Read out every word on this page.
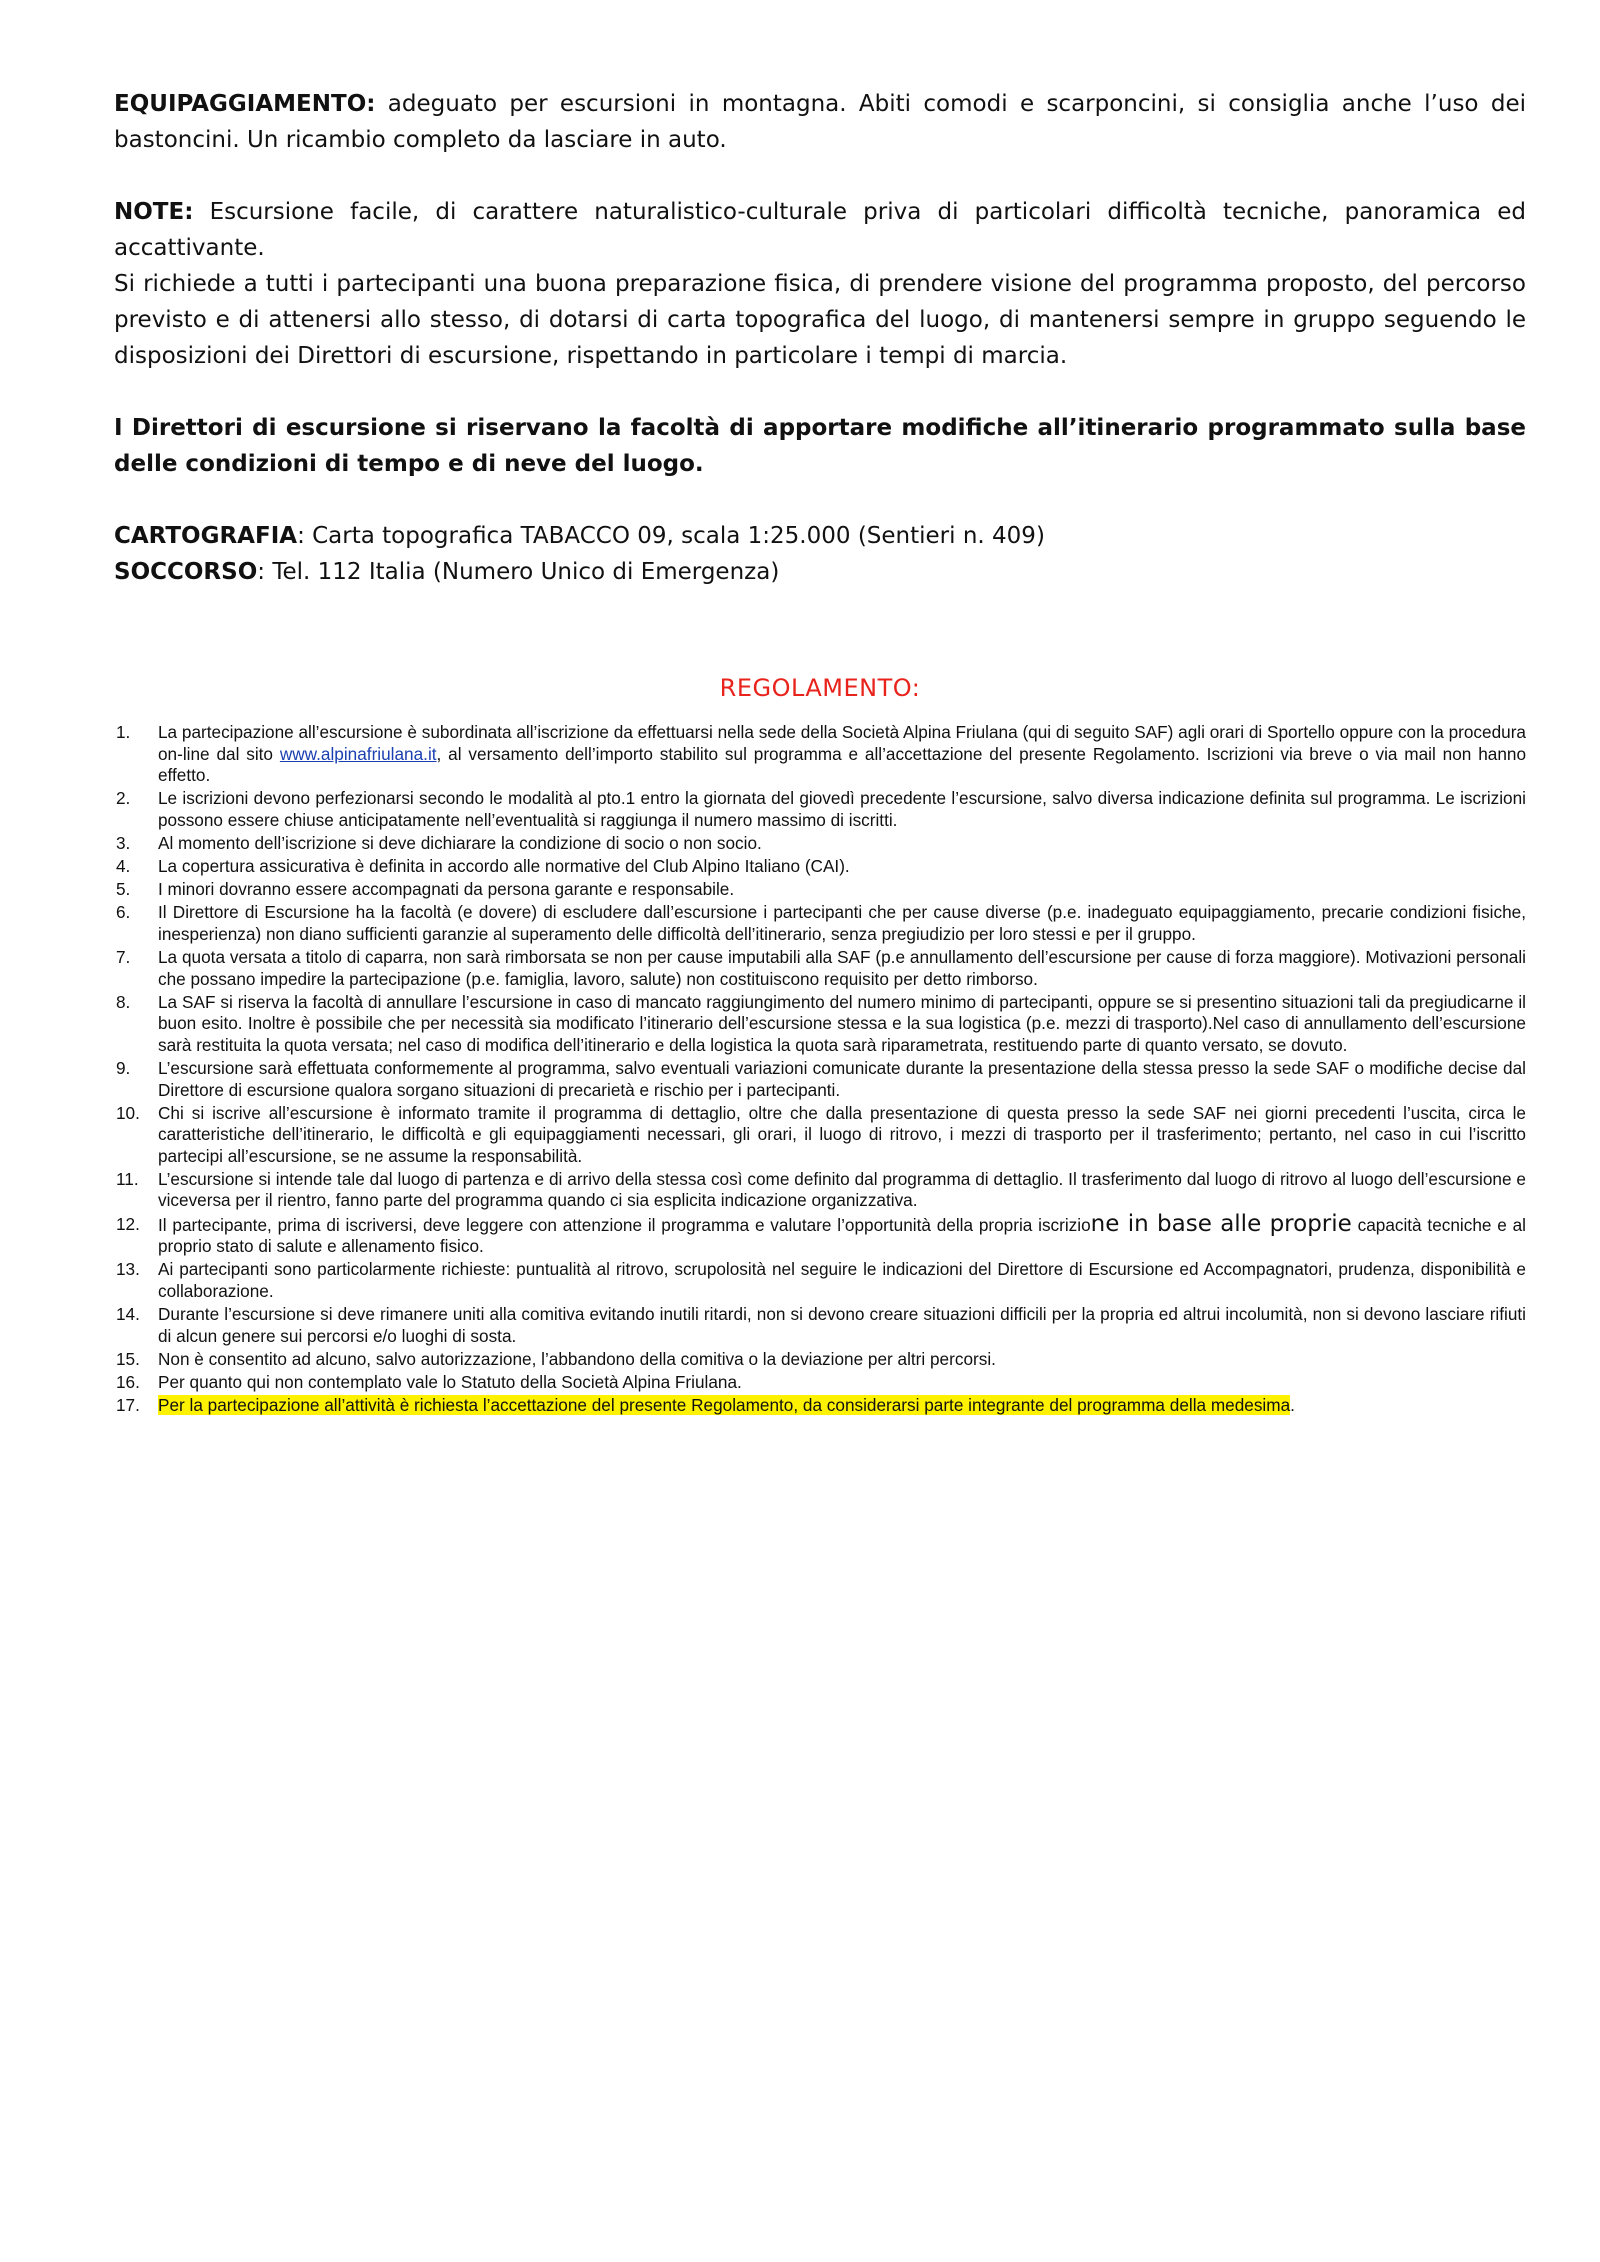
EQUIPAGGIAMENTO: adeguato per escursioni in montagna. Abiti comodi e scarponcini, si consiglia anche l’uso dei bastoncini. Un ricambio completo da lasciare in auto.

NOTE: Escursione facile, di carattere naturalistico-culturale priva di particolari difficoltà tecniche, panoramica ed accattivante.

Si richiede a tutti i partecipanti una buona preparazione fisica, di prendere visione del programma proposto, del percorso previsto e di attenersi allo stesso, di dotarsi di carta topografica del luogo, di mantenersi sempre in gruppo seguendo le disposizioni dei Direttori di escursione, rispettando in particolare i tempi di marcia.

I Direttori di escursione si riservano la facoltà di apportare modifiche all’itinerario programmato sulla base delle condizioni di tempo e di neve del luogo.

CARTOGRAFIA: Carta topografica TABACCO 09, scala 1:25.000 (Sentieri n. 409)

SOCCORSO: Tel. 112 Italia (Numero Unico di Emergenza)

REGOLAMENTO:
1.	La partecipazione all’escursione è subordinata all’iscrizione da effettuarsi nella sede della Società Alpina Friulana (qui di seguito SAF) agli orari di Sportello oppure con la procedura on-line dal sito www.alpinafriulana.it, al versamento dell’importo stabilito sul programma e all’accettazione del presente Regolamento. Iscrizioni via breve o via mail non hanno effetto.
2.	Le iscrizioni devono perfezionarsi secondo le modalità al pto.1 entro la giornata del giovedì precedente l’escursione, salvo diversa indicazione definita sul programma. Le iscrizioni possono essere chiuse anticipatamente nell’eventualità si raggiunga il numero massimo di iscritti.
3.	Al momento dell’iscrizione si deve dichiarare la condizione di socio o non socio.
4.	La copertura assicurativa è definita in accordo alle normative del Club Alpino Italiano (CAI).
5.	I minori dovranno essere accompagnati da persona garante e responsabile.
6.	Il Direttore di Escursione ha la facoltà (e dovere) di escludere dall’escursione i partecipanti che per cause diverse (p.e. inadeguato equipaggiamento, precarie condizioni fisiche, inesperienza) non diano sufficienti garanzie al superamento delle difficoltà dell’itinerario, senza pregiudizio per loro stessi e per il gruppo.
7.	La quota versata a titolo di caparra, non sarà rimborsata se non per cause imputabili alla SAF (p.e annullamento dell’escursione per cause di forza maggiore). Motivazioni personali che possano impedire la partecipazione (p.e. famiglia, lavoro, salute) non costituiscono requisito per detto rimborso.
8.	La SAF si riserva la facoltà di annullare l’escursione in caso di mancato raggiungimento del numero minimo di partecipanti, oppure se si presentino situazioni tali da pregiudicarne il buon esito. Inoltre è possibile che per necessità sia modificato l’itinerario dell’escursione stessa e la sua logistica (p.e. mezzi di trasporto).Nel caso di annullamento dell’escursione sarà restituita la quota versata; nel caso di modifica dell’itinerario e della logistica la quota sarà riparametrata, restituendo parte di quanto versato, se dovuto.
9.	L’escursione sarà effettuata conformemente al programma, salvo eventuali variazioni comunicate durante la presentazione della stessa presso la sede SAF o modifiche decise dal Direttore di escursione qualora sorgano situazioni di precarietà e rischio per i partecipanti.
10.	Chi si iscrive all’escursione è informato tramite il programma di dettaglio, oltre che dalla presentazione di questa presso la sede SAF nei giorni precedenti l’uscita, circa le caratteristiche dell’itinerario, le difficoltà e gli equipaggiamenti necessari, gli orari, il luogo di ritrovo, i mezzi di trasporto per il trasferimento; pertanto, nel caso in cui l’iscritto partecipi all’escursione, se ne assume la responsabilità.
11.	L’escursione si intende tale dal luogo di partenza e di arrivo della stessa così come definito dal programma di dettaglio. Il trasferimento dal luogo di ritrovo al luogo dell’escursione e viceversa per il rientro, fanno parte del programma quando ci sia esplicita indicazione organizzativa.
12.	Il partecipante, prima di iscriversi, deve leggere con attenzione il programma e valutare l’opportunità della propria iscrizione in base alle proprie capacità tecniche e al proprio stato di salute e allenamento fisico.
13.	Ai partecipanti sono particolarmente richieste: puntualità al ritrovo, scrupolosità nel seguire le indicazioni del Direttore di Escursione ed Accompagnatori, prudenza, disponibilità e collaborazione.
14.	Durante l’escursione si deve rimanere uniti alla comitiva evitando inutili ritardi, non si devono creare situazioni difficili per la propria ed altrui incolumità, non si devono lasciare rifiuti di alcun genere sui percorsi e/o luoghi di sosta.
15.	Non è consentito ad alcuno, salvo autorizzazione, l’abbandono della comitiva o la deviazione per altri percorsi.
16.	Per quanto qui non contemplato vale lo Statuto della Società Alpina Friulana.
17.	Per la partecipazione all’attività è richiesta l’accettazione del presente Regolamento, da considerarsi parte integrante del programma della medesima.
